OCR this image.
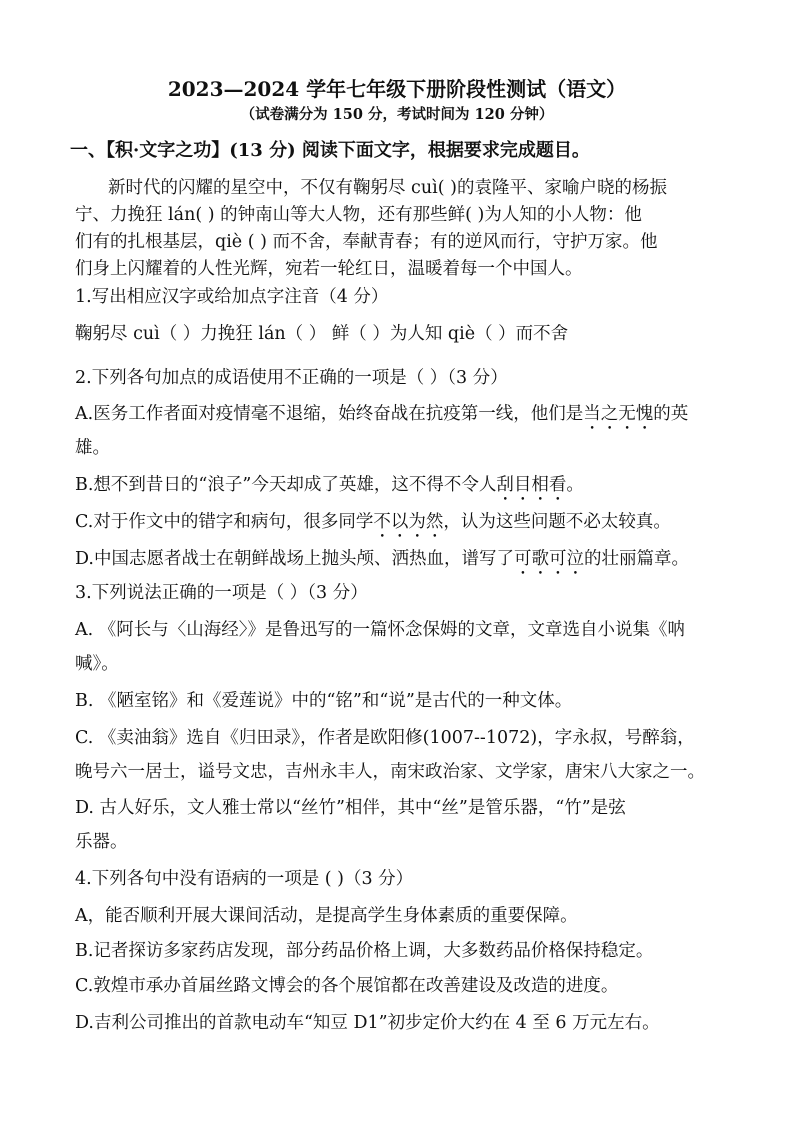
2023—2024 学年七年级下册阶段性测试（语文）
（试卷满分为 150 分，考试时间为 120 分钟）
一、【积·文字之功】(13 分) 阅读下面文字，根据要求完成题目。
新时代的闪耀的星空中，不仅有鞠躬尽 cuì( )的袁隆平、家喻户晓的杨振
宁、力挽狂 lán( ) 的钟南山等大人物，还有那些鲜( )为人知的小人物：他
们有的扎根基层，qiè ( ) 而不舍，奉献青春；有的逆风而行，守护万家。他
们身上闪耀着的人性光辉，宛若一轮红日，温暖着每一个中国人。
1.写出相应汉字或给加点字注音（4 分）
鞠躬尽 cuì（ ）力挽狂 lán（ ） 鲜（ ）为人知 qiè（ ）而不舍
2.下列各句加点的成语使用不正确的一项是（ ）（3 分）
A.医务工作者面对疫情毫不退缩，始终奋战在抗疫第一线，他们是当之无愧的英
雄。
B.想不到昔日的“浪子”今天却成了英雄，这不得不令人刮目相看。
C.对于作文中的错字和病句，很多同学不以为然，认为这些问题不必太较真。
D.中国志愿者战士在朝鲜战场上抛头颅、洒热血，谱写了可歌可泣的壮丽篇章。
3.下列说法正确的一项是（ ）（3 分）
A. 《阿长与〈山海经〉》是鲁迅写的一篇怀念保姆的文章，文章选自小说集《呐
喊》。
B. 《陋室铭》和《爱莲说》中的“铭”和“说”是古代的一种文体。
C. 《卖油翁》选自《归田录》，作者是欧阳修(1007--1072)，字永叔，号醉翁，
晚号六一居士，谥号文忠，吉州永丰人，南宋政治家、文学家，唐宋八大家之一。
D. 古人好乐，文人雅士常以“丝竹”相伴，其中“丝”是管乐器，“竹”是弦
乐器。
4.下列各句中没有语病的一项是 ( )（3 分）
A，能否顺利开展大课间活动，是提高学生身体素质的重要保障。
B.记者探访多家药店发现，部分药品价格上调，大多数药品价格保持稳定。
C.敦煌市承办首届丝路文博会的各个展馆都在改善建设及改造的进度。
D.吉利公司推出的首款电动车“知豆 D1”初步定价大约在 4 至 6 万元左右。
